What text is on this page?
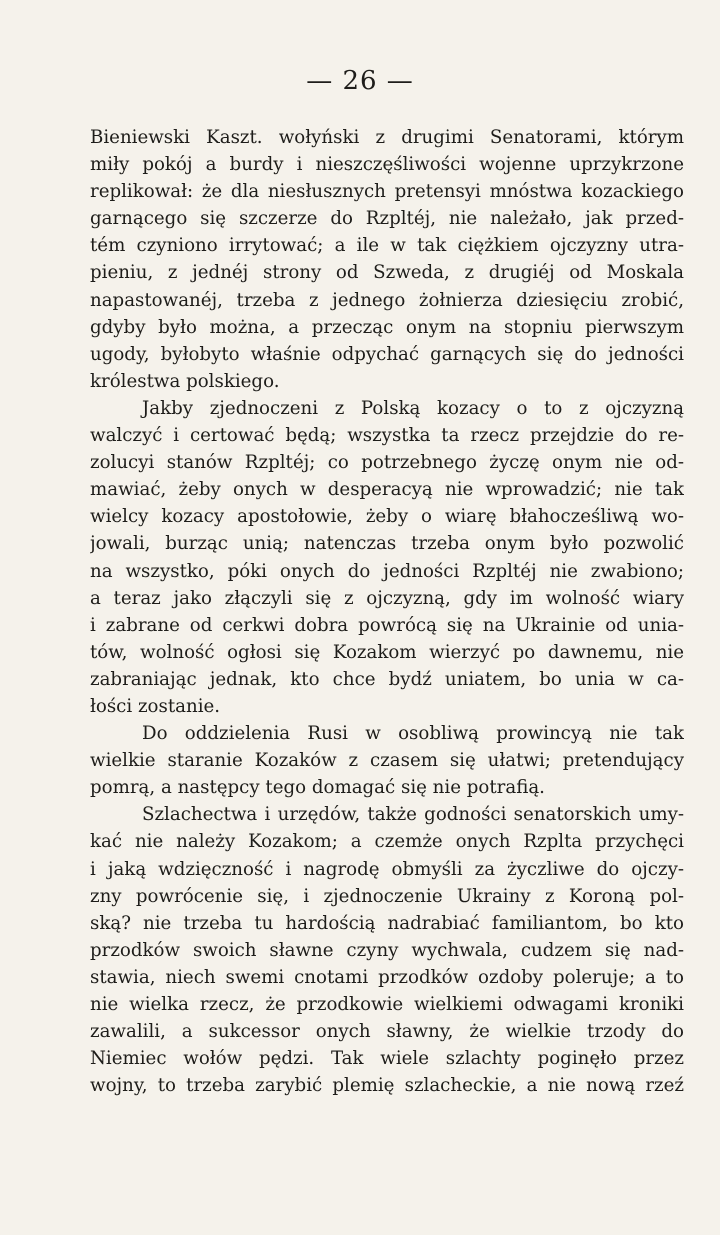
— 26 —
Bieniewski Kaszt. wołyński z drugimi Senatorami, którym
miły pokój a burdy i nieszczęśliwości wojenne uprzykrzone
replikował: że dla niesłusznych pretensyi mnóstwa kozackiego
garnącego się szczerze do Rzpltéj, nie należało, jak przed-
tém czyniono irrytować; a ile w tak ciężkiem ojczyzny utra-
pieniu, z jednéj strony od Szweda, z drugiéj od Moskala
napastowanéj, trzeba z jednego żołnierza dziesięciu zrobić,
gdyby było można, a przecząc onym na stopniu pierwszym
ugody, byłobyto właśnie odpychać garnących się do jedności
królestwa polskiego.
Jakby zjednoczeni z Polską kozacy o to z ojczyzną
walczyć i certować będą; wszystka ta rzecz przejdzie do re-
zolucyi stanów Rzpltéj; co potrzebnego życzę onym nie od-
mawiać, żeby onych w desperacyą nie wprowadzić; nie tak
wielcy kozacy apostołowie, żeby o wiarę błahocześliwą wo-
jowali, burząc unią; natenczas trzeba onym było pozwolić
na wszystko, póki onych do jedności Rzpltéj nie zwabiono;
a teraz jako złączyli się z ojczyzną, gdy im wolność wiary
i zabrane od cerkwi dobra powrócą się na Ukrainie od unia-
tów, wolność ogłosi się Kozakom wierzyć po dawnemu, nie
zabraniając jednak, kto chce bydź uniatem, bo unia w ca-
łości zostanie.
Do oddzielenia Rusi w osobliwą prowincyą nie tak
wielkie staranie Kozaków z czasem się ułatwi; pretendujący
pomrą, a następcy tego domagać się nie potrafią.
Szlachectwa i urzędów, także godności senatorskich umy-
kać nie należy Kozakom; a czemże onych Rzplta przychęci
i jaką wdzięczność i nagrodę obmyśli za życzliwe do ojczy-
zny powrócenie się, i zjednoczenie Ukrainy z Koroną pol-
ską? nie trzeba tu hardością nadrabiać familiantom, bo kto
przodków swoich sławne czyny wychwala, cudzem się nad-
stawia, niech swemi cnotami przodków ozdoby poleruje; a to
nie wielka rzecz, że przodkowie wielkiemi odwagami kroniki
zawalili, a sukcessor onych sławny, że wielkie trzody do
Niemiec wołów pędzi. Tak wiele szlachty poginęło przez
wojny, to trzeba zarybić plemię szlacheckie, a nie nową rzeź
